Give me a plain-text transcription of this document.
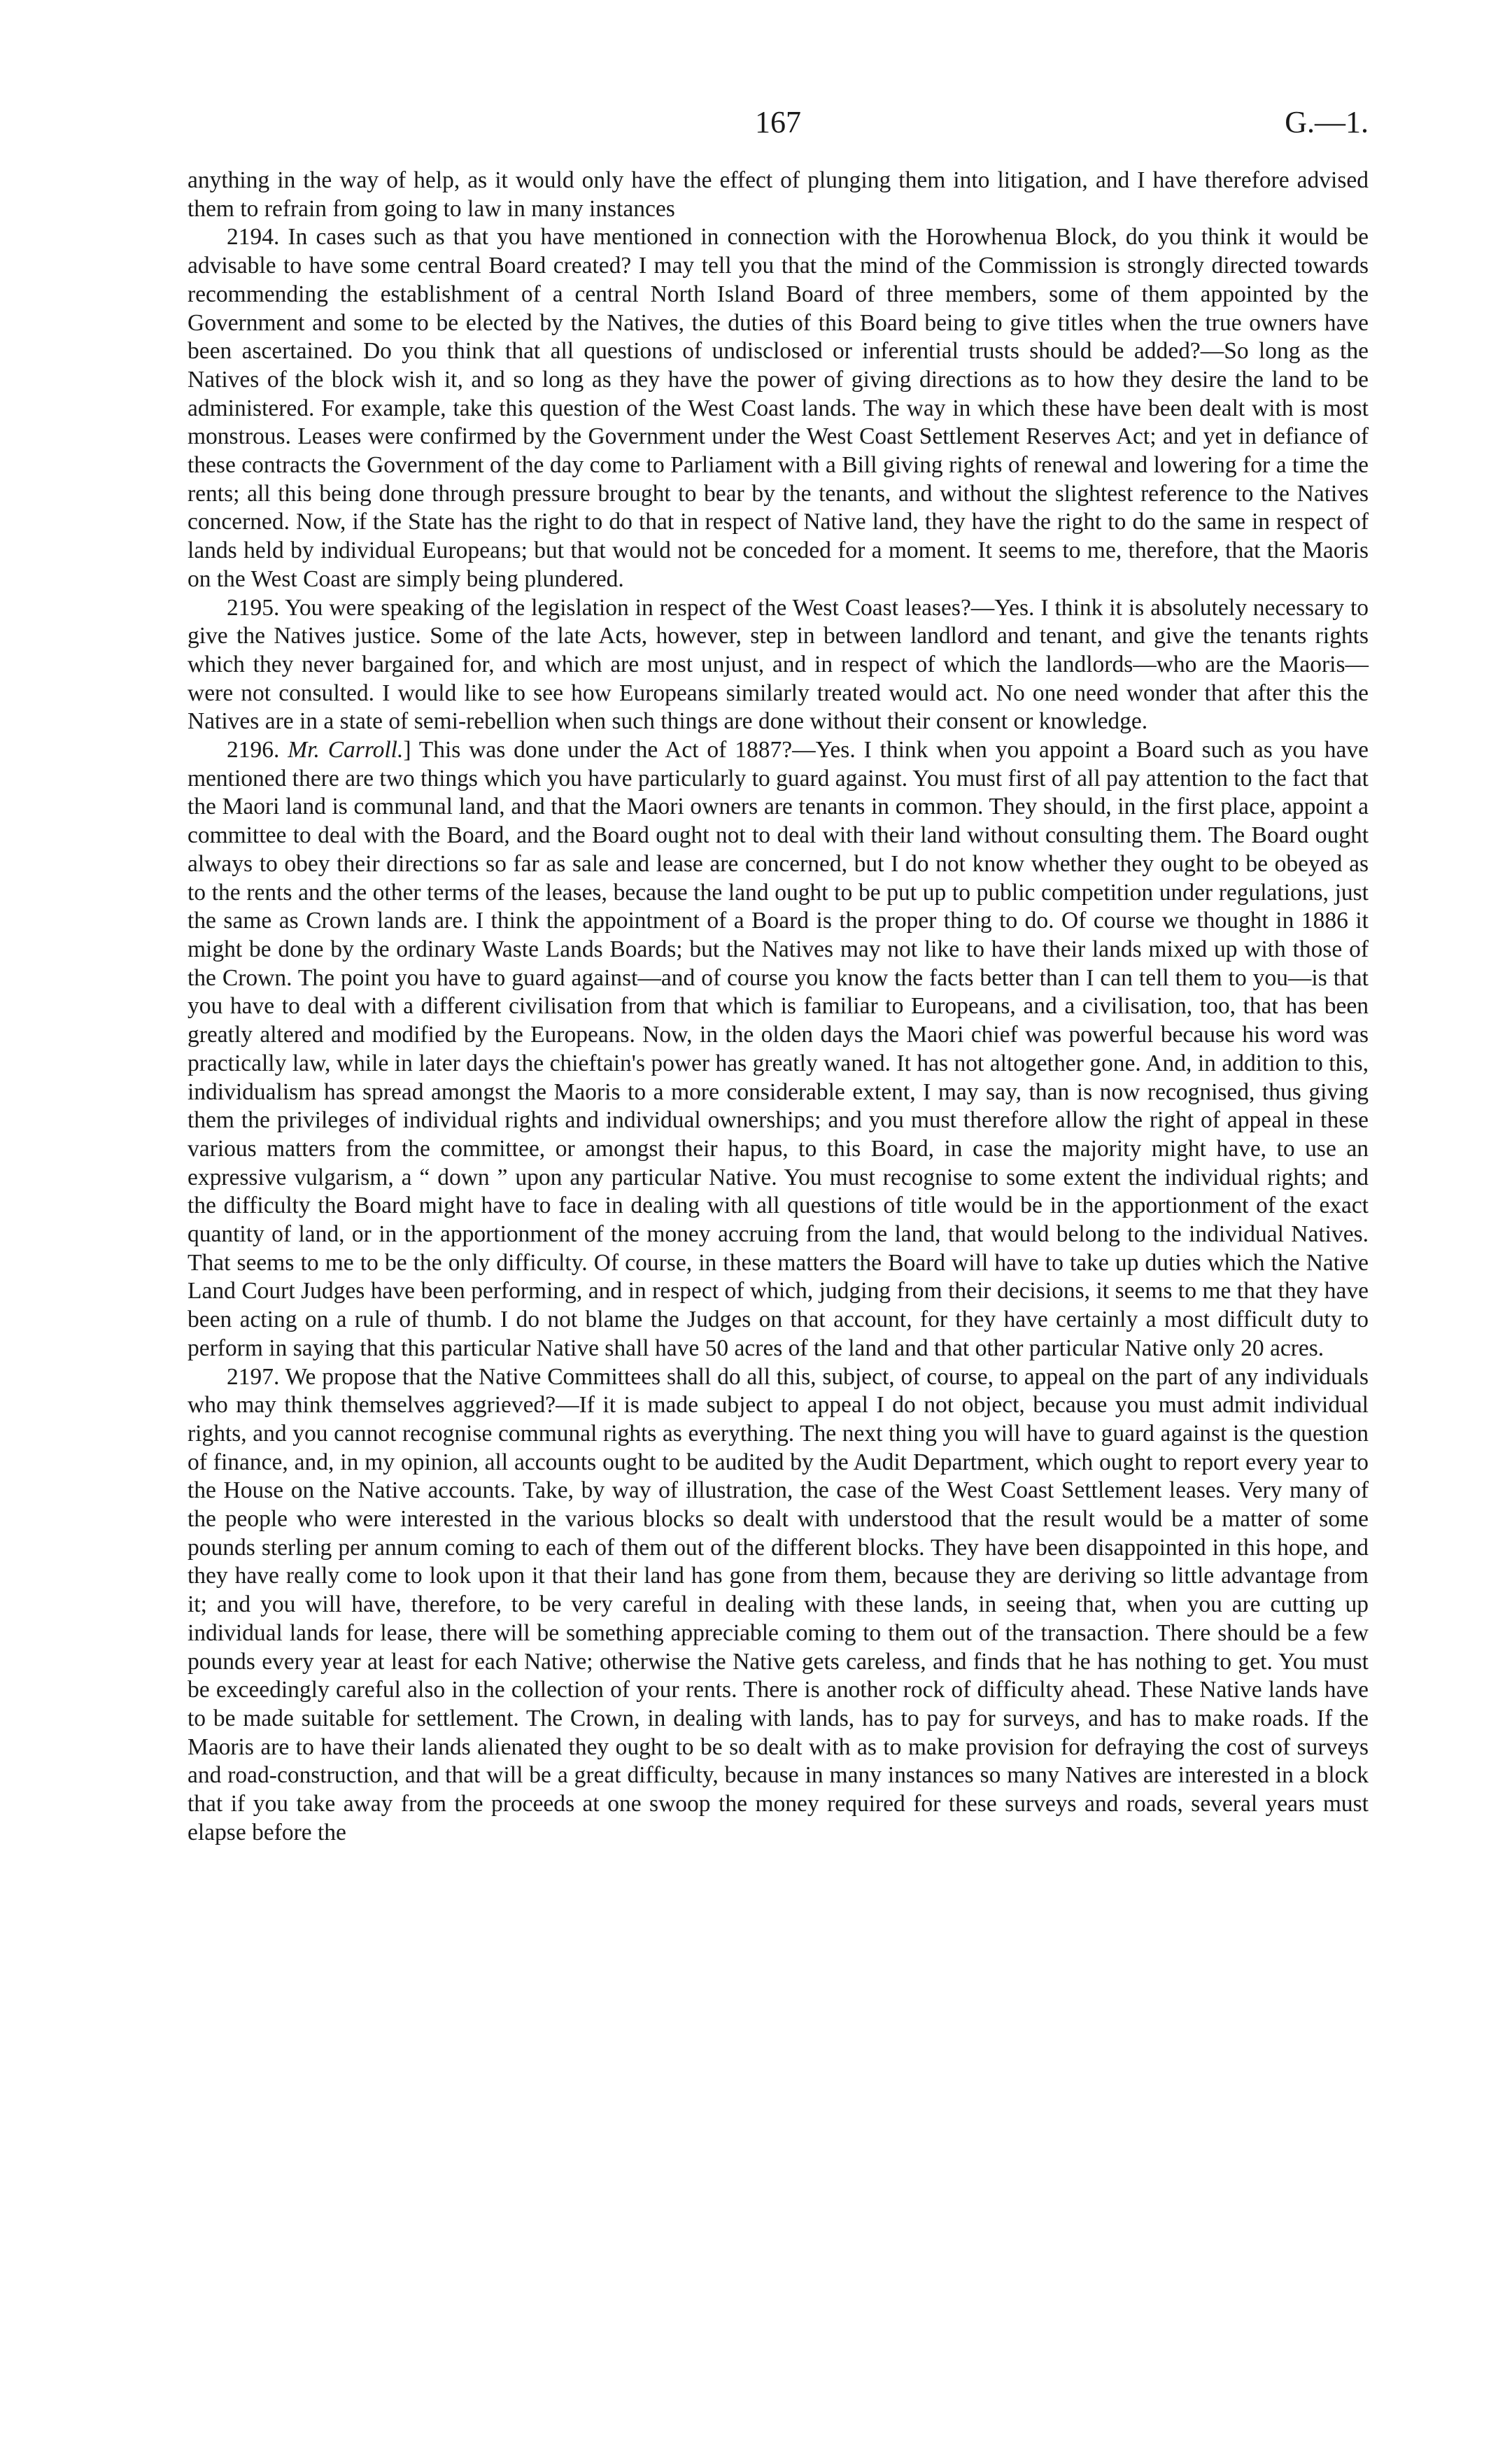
167	G.—1.

anything in the way of help, as it would only have the effect of plunging them into litigation, and I have therefore advised them to refrain from going to law in many instances

2194. In cases such as that you have mentioned in connection with the Horowhenua Block, do you think it would be advisable to have some central Board created? I may tell you that the mind of the Commission is strongly directed towards recommending the establishment of a central North Island Board of three members, some of them appointed by the Government and some to be elected by the Natives, the duties of this Board being to give titles when the true owners have been ascertained. Do you think that all questions of undisclosed or inferential trusts should be added?—So long as the Natives of the block wish it, and so long as they have the power of giving directions as to how they desire the land to be administered. For example, take this question of the West Coast lands. The way in which these have been dealt with is most monstrous. Leases were confirmed by the Government under the West Coast Settlement Reserves Act; and yet in defiance of these contracts the Government of the day come to Parliament with a Bill giving rights of renewal and lowering for a time the rents; all this being done through pressure brought to bear by the tenants, and without the slightest reference to the Natives concerned. Now, if the State has the right to do that in respect of Native land, they have the right to do the same in respect of lands held by individual Europeans; but that would not be conceded for a moment. It seems to me, therefore, that the Maoris on the West Coast are simply being plundered.

2195. You were speaking of the legislation in respect of the West Coast leases?—Yes. I think it is absolutely necessary to give the Natives justice. Some of the late Acts, however, step in between landlord and tenant, and give the tenants rights which they never bargained for, and which are most unjust, and in respect of which the landlords—who are the Maoris—were not consulted. I would like to see how Europeans similarly treated would act. No one need wonder that after this the Natives are in a state of semi-rebellion when such things are done without their consent or knowledge.

2196. Mr. Carroll.] This was done under the Act of 1887?—Yes. I think when you appoint a Board such as you have mentioned there are two things which you have particularly to guard against. You must first of all pay attention to the fact that the Maori land is communal land, and that the Maori owners are tenants in common. They should, in the first place, appoint a committee to deal with the Board, and the Board ought not to deal with their land without consulting them. The Board ought always to obey their directions so far as sale and lease are concerned, but I do not know whether they ought to be obeyed as to the rents and the other terms of the leases, because the land ought to be put up to public competition under regulations, just the same as Crown lands are. I think the appointment of a Board is the proper thing to do. Of course we thought in 1886 it might be done by the ordinary Waste Lands Boards; but the Natives may not like to have their lands mixed up with those of the Crown. The point you have to guard against—and of course you know the facts better than I can tell them to you—is that you have to deal with a different civilisation from that which is familiar to Europeans, and a civilisation, too, that has been greatly altered and modified by the Europeans. Now, in the olden days the Maori chief was powerful because his word was practically law, while in later days the chieftain's power has greatly waned. It has not altogether gone. And, in addition to this, individualism has spread amongst the Maoris to a more considerable extent, I may say, than is now recognised, thus giving them the privileges of individual rights and individual ownerships; and you must therefore allow the right of appeal in these various matters from the committee, or amongst their hapus, to this Board, in case the majority might have, to use an expressive vulgarism, a “ down ” upon any particular Native. You must recognise to some extent the individual rights; and the difficulty the Board might have to face in dealing with all questions of title would be in the apportionment of the exact quantity of land, or in the apportionment of the money accruing from the land, that would belong to the individual Natives. That seems to me to be the only difficulty. Of course, in these matters the Board will have to take up duties which the Native Land Court Judges have been performing, and in respect of which, judging from their decisions, it seems to me that they have been acting on a rule of thumb. I do not blame the Judges on that account, for they have certainly a most difficult duty to perform in saying that this particular Native shall have 50 acres of the land and that other particular Native only 20 acres.

2197. We propose that the Native Committees shall do all this, subject, of course, to appeal on the part of any individuals who may think themselves aggrieved?—If it is made subject to appeal I do not object, because you must admit individual rights, and you cannot recognise communal rights as everything. The next thing you will have to guard against is the question of finance, and, in my opinion, all accounts ought to be audited by the Audit Department, which ought to report every year to the House on the Native accounts. Take, by way of illustration, the case of the West Coast Settlement leases. Very many of the people who were interested in the various blocks so dealt with understood that the result would be a matter of some pounds sterling per annum coming to each of them out of the different blocks. They have been disappointed in this hope, and they have really come to look upon it that their land has gone from them, because they are deriving so little advantage from it; and you will have, therefore, to be very careful in dealing with these lands, in seeing that, when you are cutting up individual lands for lease, there will be something appreciable coming to them out of the transaction. There should be a few pounds every year at least for each Native; otherwise the Native gets careless, and finds that he has nothing to get. You must be exceedingly careful also in the collection of your rents. There is another rock of difficulty ahead. These Native lands have to be made suitable for settlement. The Crown, in dealing with lands, has to pay for surveys, and has to make roads. If the Maoris are to have their lands alienated they ought to be so dealt with as to make provision for defraying the cost of surveys and road-construction, and that will be a great difficulty, because in many instances so many Natives are interested in a block that if you take away from the proceeds at one swoop the money required for these surveys and roads, several years must elapse before the
